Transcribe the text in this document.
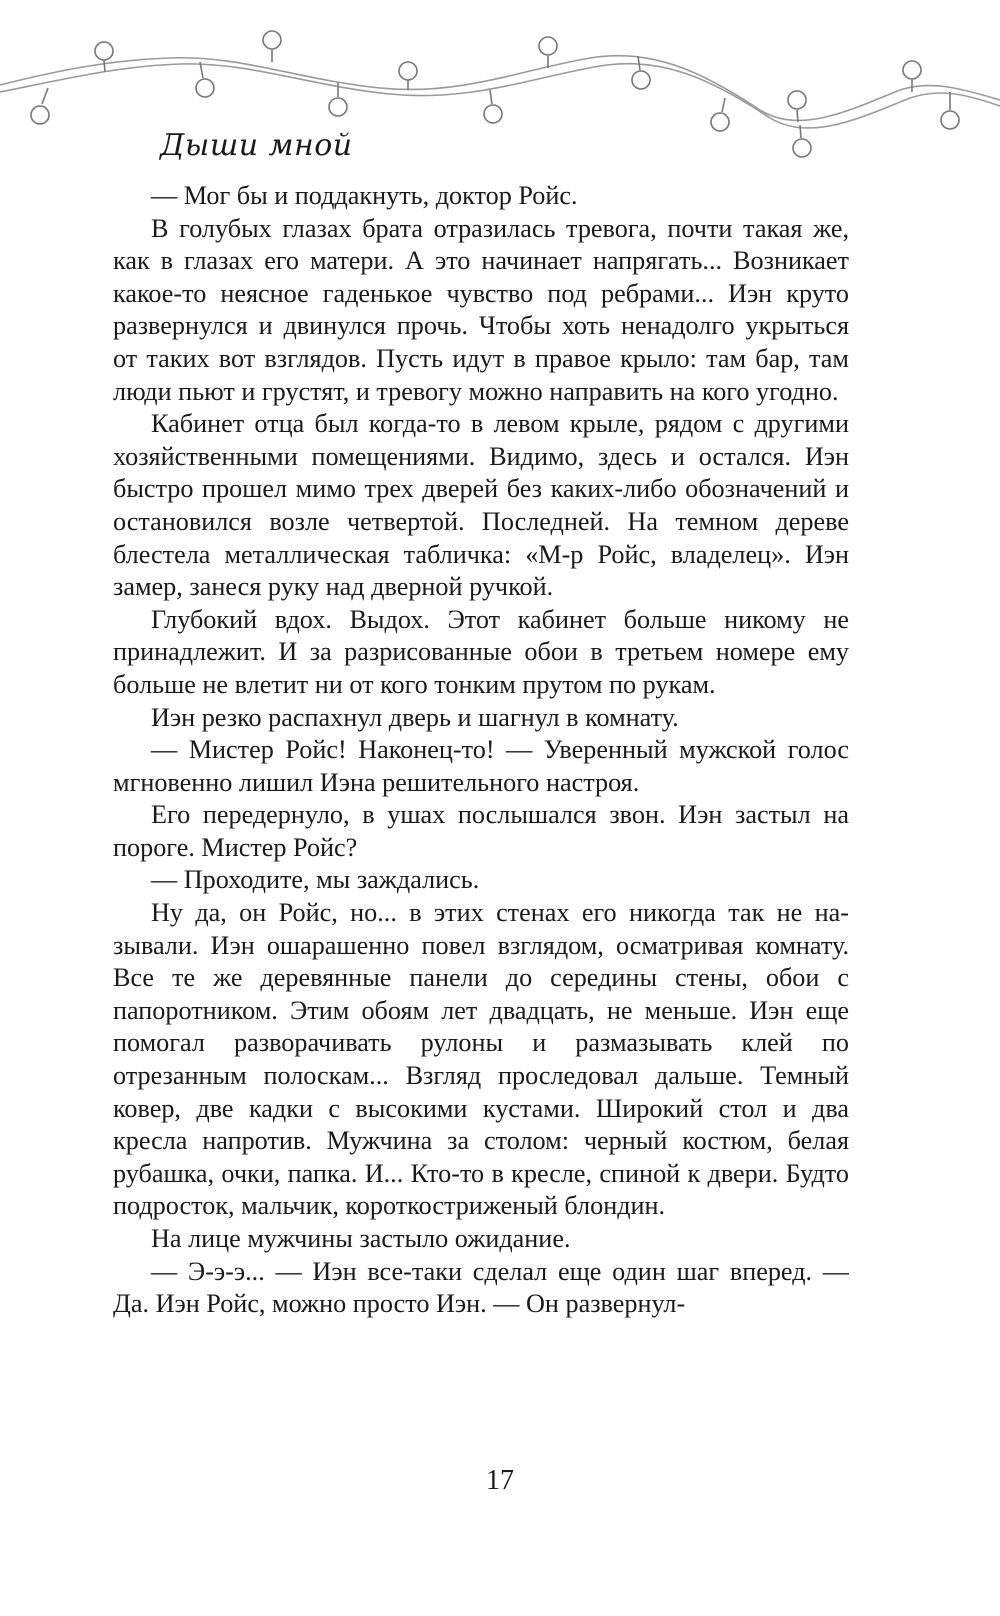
Дыши мной

— Мог бы и поддакнуть, доктор Ройс.

В голубых глазах брата отразилась тревога, почти такая же, как в глазах его матери. А это начинает напрягать... Возникает какое-то неясное гаденькое чувство под ребрами... Иэн круто развернулся и двинулся прочь. Чтобы хоть ненадолго укрыться от таких вот взглядов. Пусть идут в правое крыло: там бар, там люди пьют и грустят, и тревогу можно направить на кого угодно.

Кабинет отца был когда-то в левом крыле, рядом с другими хозяйственными помещениями. Видимо, здесь и остался. Иэн быстро прошел мимо трех дверей без каких-либо обозначений и остановился возле четвертой. Последней. На темном дереве блестела металлическая табличка: «М-р Ройс, владелец». Иэн замер, занеся руку над дверной ручкой.

Глубокий вдох. Выдох. Этот кабинет больше никому не принадлежит. И за разрисованные обои в третьем номере ему больше не влетит ни от кого тонким прутом по рукам.

Иэн резко распахнул дверь и шагнул в комнату.

— Мистер Ройс! Наконец-то! — Уверенный мужской голос мгновенно лишил Иэна решительного настроя.

Его передернуло, в ушах послышался звон. Иэн застыл на пороге. Мистер Ройс?

— Проходите, мы заждались.

Ну да, он Ройс, но... в этих стенах его никогда так не называли. Иэн ошарашенно повел взглядом, осматривая комнату. Все те же деревянные панели до середины стены, обои с папоротником. Этим обоям лет двадцать, не меньше. Иэн еще помогал разворачивать рулоны и размазывать клей по отрезанным полоскам... Взгляд проследовал дальше. Темный ковер, две кадки с высокими кустами. Широкий стол и два кресла напротив. Мужчина за столом: черный костюм, белая рубашка, очки, папка. И... Кто-то в кресле, спиной к двери. Будто подросток, мальчик, короткостриженый блондин.

На лице мужчины застыло ожидание.

— Э-э-э... — Иэн все-таки сделал еще один шаг вперед. — Да. Иэн Ройс, можно просто Иэн. — Он развернул-

17
